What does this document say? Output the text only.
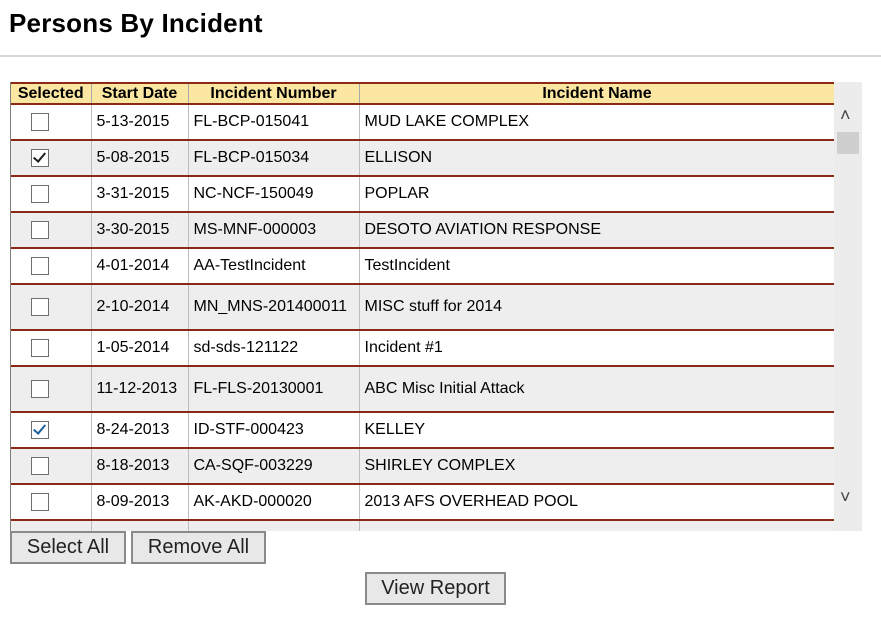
Persons By Incident
Selected	Start Date	Incident Number	Incident Name
	5-13-2015	FL-BCP-015041	MUD LAKE COMPLEX
	5-08-2015	FL-BCP-015034	ELLISON
	3-31-2015	NC-NCF-150049	POPLAR
	3-30-2015	MS-MNF-000003	DESOTO AVIATION RESPONSE
	4-01-2014	AA-TestIncident	TestIncident
	2-10-2014	MN_MNS-201400011	MISC stuff for 2014
	1-05-2014	sd-sds-121122	Incident #1
	11-12-2013	FL-FLS-20130001	ABC Misc Initial Attack
	8-24-2013	ID-STF-000423	KELLEY
	8-18-2013	CA-SQF-003229	SHIRLEY COMPLEX
	8-09-2013	AK-AKD-000020	2013 AFS OVERHEAD POOL

˄
˅
Select All	Remove All
View Report
